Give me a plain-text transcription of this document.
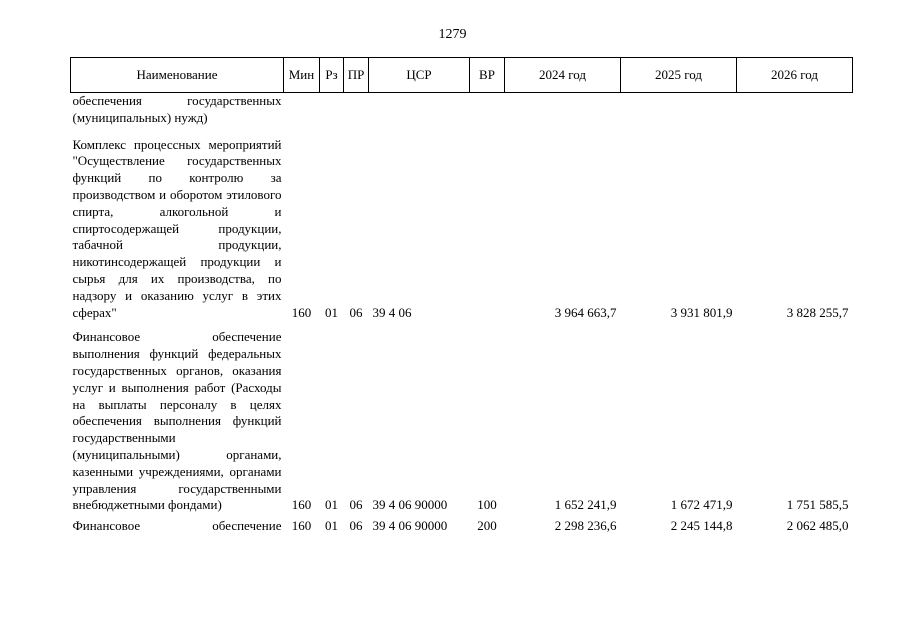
1279
Наименование	Мин	Рз	ПР	ЦСР	ВР	2024 год	2025 год	2026 год
обеспечения государственных (муниципальных) нужд)								
Комплекс процессных мероприятий "Осуществление государственных функций по контролю за производством и оборотом этилового спирта, алкогольной и спиртосодержащей продукции, табачной продукции, никотинсодержащей продукции и сырья для их производства, по надзору и оказанию услуг в этих сферах"	160	01	06	39 4 06		3 964 663,7	3 931 801,9	3 828 255,7
Финансовое обеспечение выполнения функций федеральных государственных органов, оказания услуг и выполнения работ (Расходы на выплаты персоналу в целях обеспечения выполнения функций государственными (муниципальными) органами, казенными учреждениями, органами управления государственными внебюджетными фондами)	160	01	06	39 4 06 90000	100	1 652 241,9	1 672 471,9	1 751 585,5
Финансовое обеспечение	160	01	06	39 4 06 90000	200	2 298 236,6	2 245 144,8	2 062 485,0
